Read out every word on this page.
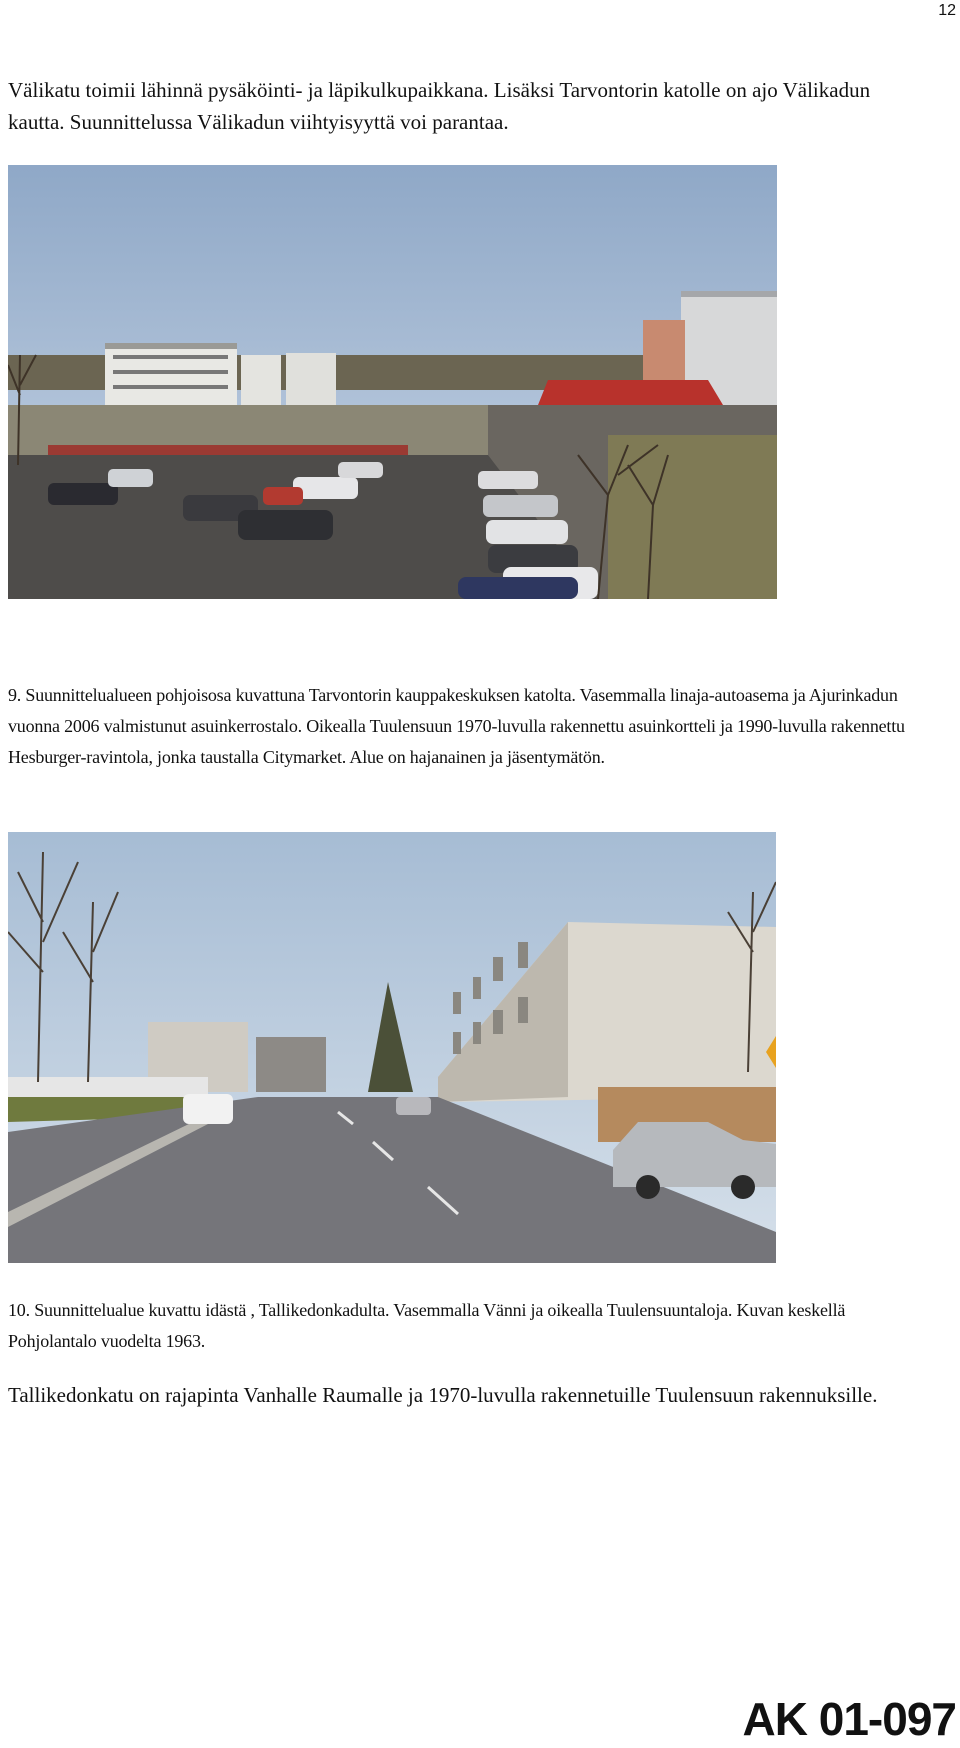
12

Välikatu toimii lähinnä pysäköinti- ja läpikulkupaikkana. Lisäksi Tarvontorin katolle on ajo Välikadun kautta. Suunnittelussa Välikadun viihtyisyyttä voi parantaa.

9. Suunnittelualueen pohjoisosa kuvattuna Tarvontorin kauppakeskuksen katolta. Vasemmalla linaja-autoasema ja Ajurinkadun vuonna 2006 valmistunut asuinkerrostalo. Oikealla Tuulensuun 1970-luvulla rakennettu asuinkortteli ja 1990-luvulla rakennettu Hesburger-ravintola, jonka taustalla Citymarket. Alue on hajanainen ja jäsentymätön.

10. Suunnittelualue kuvattu idästä , Tallikedonkadulta. Vasemmalla Vänni ja oikealla Tuulensuuntaloja. Kuvan keskellä Pohjolantalo vuodelta 1963.

Tallikedonkatu on rajapinta Vanhalle Raumalle ja 1970-luvulla rakennetuille Tuulensuun rakennuksille.

AK 01-097
